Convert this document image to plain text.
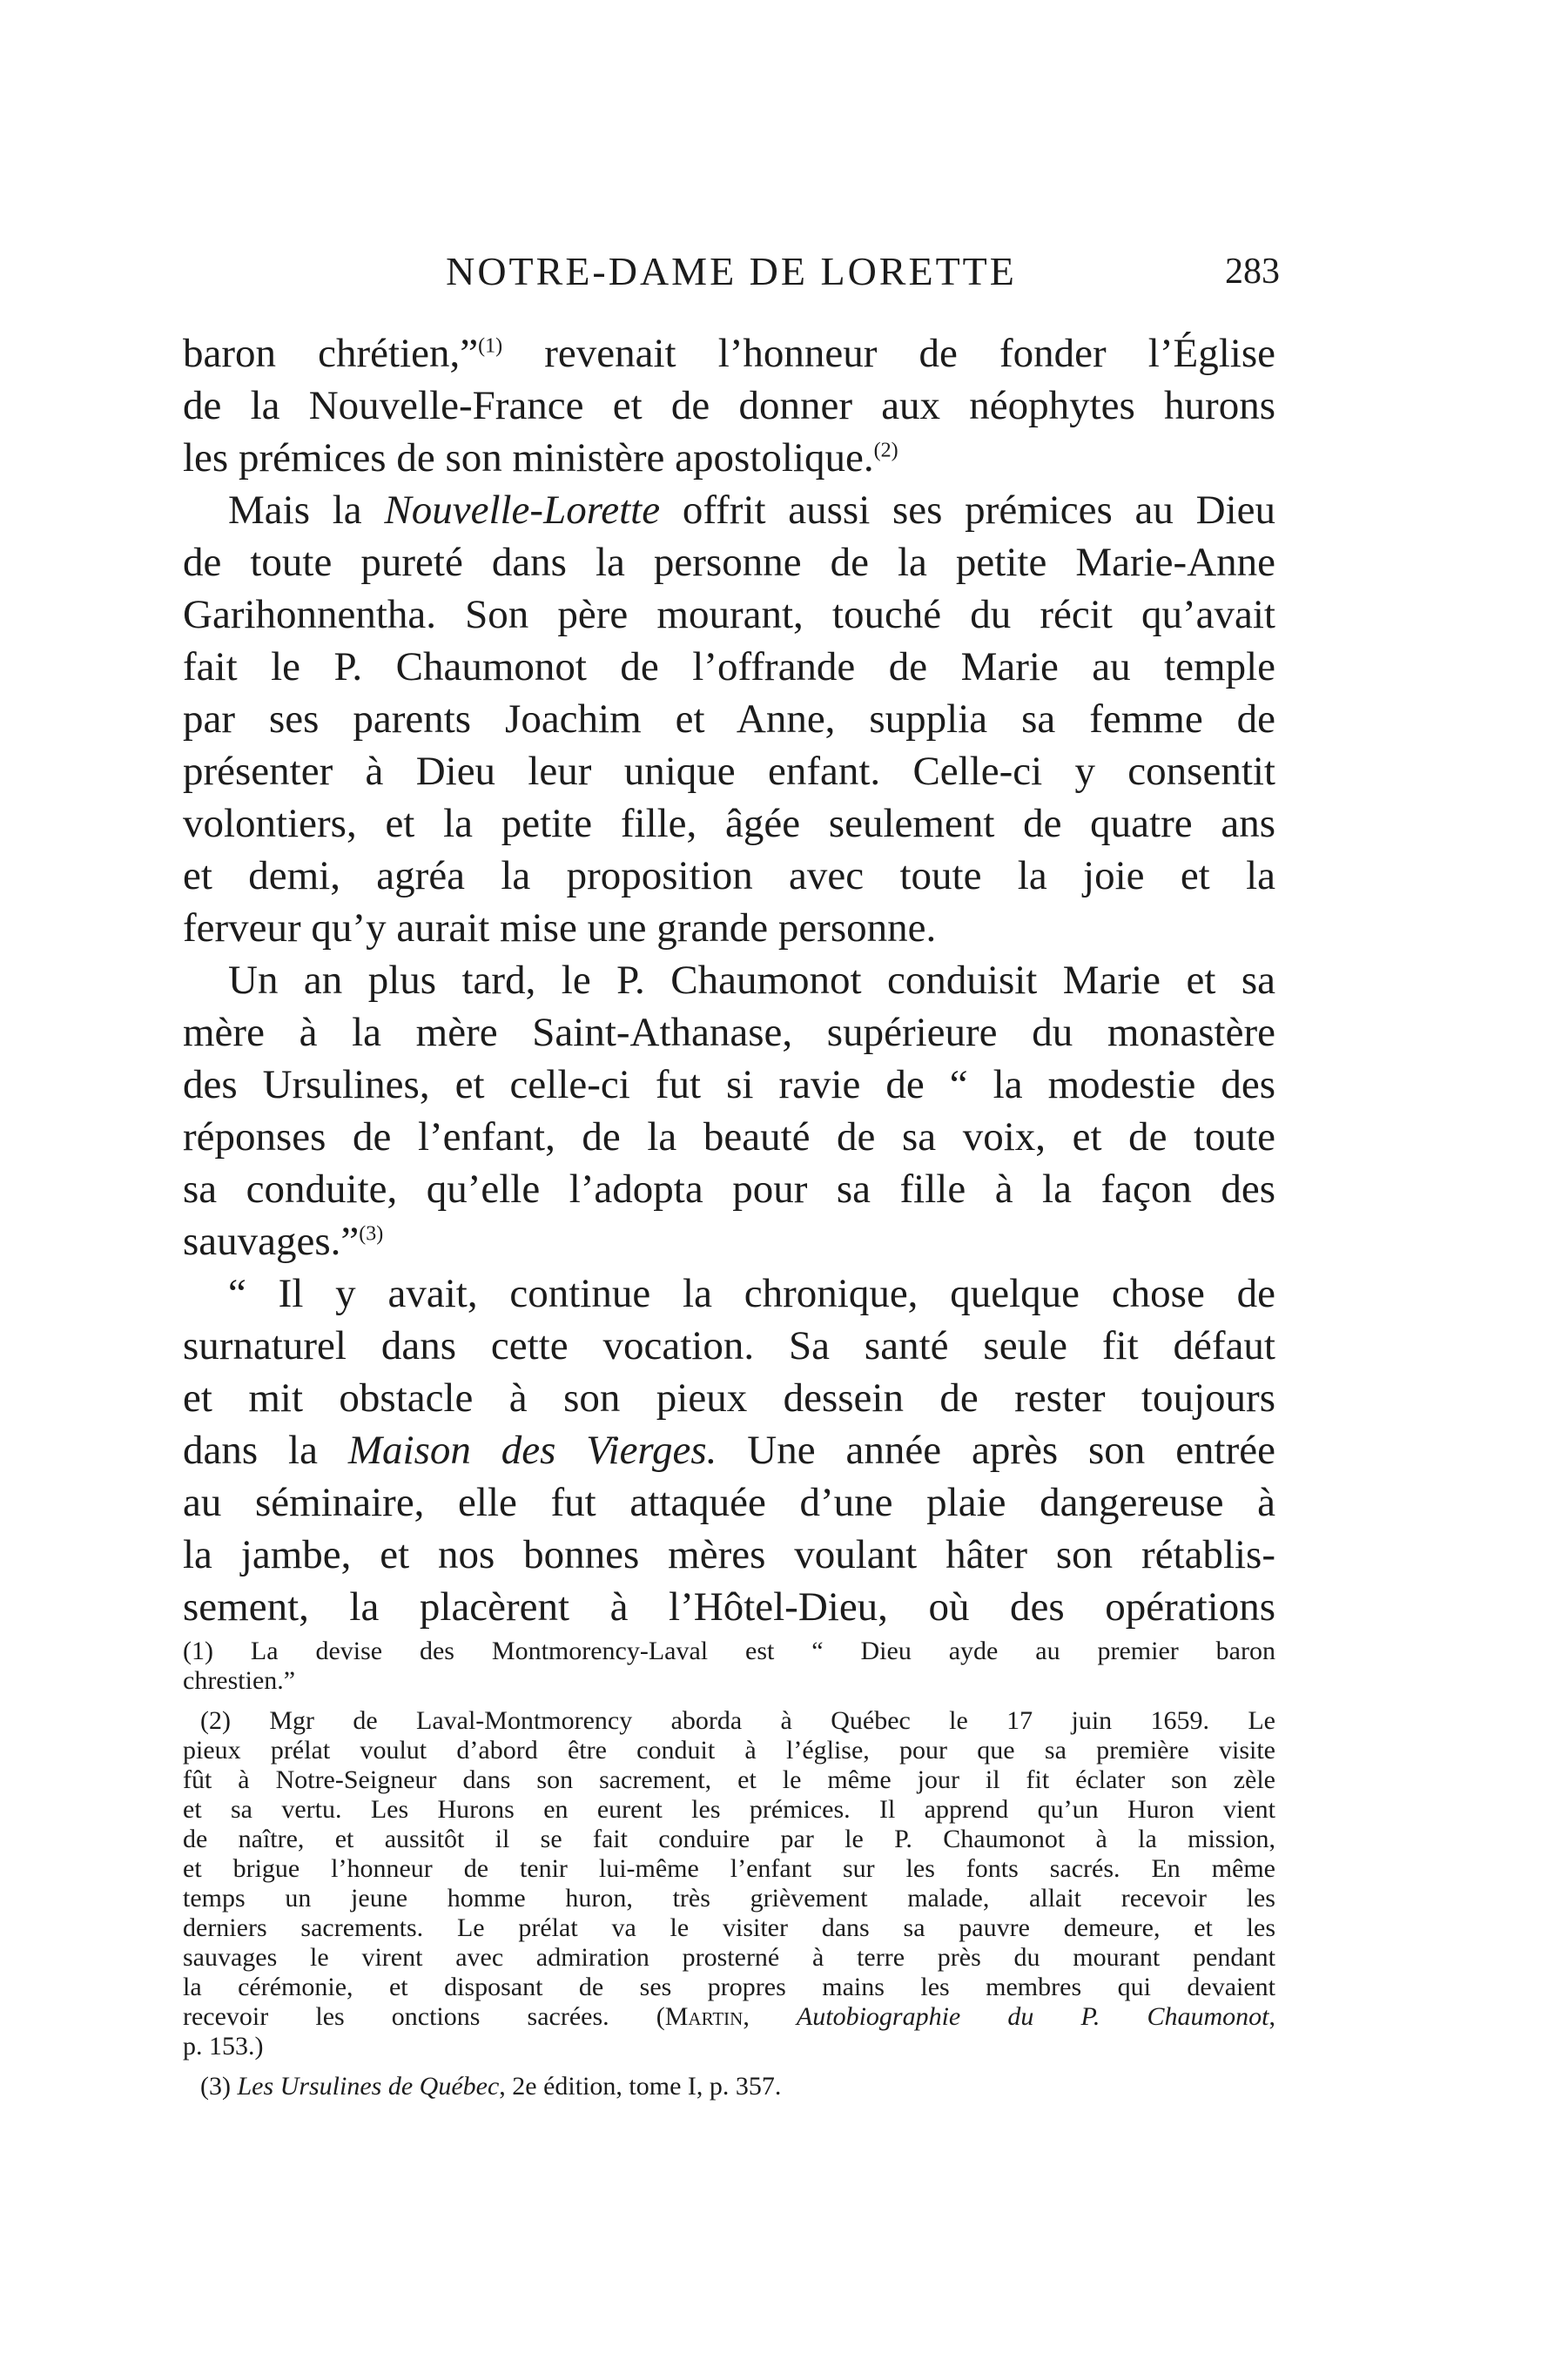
NOTRE-DAME DE LORETTE	283
baron chrétien,”$^{(1)}$ revenait l’honneur de fonder l’Église
de la Nouvelle-France et de donner aux néophytes hurons
les prémices de son ministère apostolique.$^{(2)}$
Mais la Nouvelle-Lorette offrit aussi ses prémices au Dieu
de toute pureté dans la personne de la petite Marie-Anne
Garihonnentha. Son père mourant, touché du récit qu’avait
fait le P. Chaumonot de l’offrande de Marie au temple
par ses parents Joachim et Anne, supplia sa femme de
présenter à Dieu leur unique enfant. Celle-ci y consentit
volontiers, et la petite fille, âgée seulement de quatre ans
et demi, agréa la proposition avec toute la joie et la
ferveur qu’y aurait mise une grande personne.
Un an plus tard, le P. Chaumonot conduisit Marie et sa
mère à la mère Saint-Athanase, supérieure du monastère
des Ursulines, et celle-ci fut si ravie de “ la modestie des
réponses de l’enfant, de la beauté de sa voix, et de toute
sa conduite, qu’elle l’adopta pour sa fille à la façon des
sauvages.”$^{(3)}$
“ Il y avait, continue la chronique, quelque chose de
surnaturel dans cette vocation. Sa santé seule fit défaut
et mit obstacle à son pieux dessein de rester toujours
dans la Maison des Vierges. Une année après son entrée
au séminaire, elle fut attaquée d’une plaie dangereuse à
la jambe, et nos bonnes mères voulant hâter son rétablis-
sement, la placèrent à l’Hôtel-Dieu, où des opérations
(1) La devise des Montmorency-Laval est “ Dieu ayde au premier baron
chrestien.”
(2) Mgr de Laval-Montmorency aborda à Québec le 17 juin 1659. Le
pieux prélat voulut d’abord être conduit à l’église, pour que sa première visite
fût à Notre-Seigneur dans son sacrement, et le même jour il fit éclater son zèle
et sa vertu. Les Hurons en eurent les prémices. Il apprend qu’un Huron vient
de naître, et aussitôt il se fait conduire par le P. Chaumonot à la mission,
et brigue l’honneur de tenir lui-même l’enfant sur les fonts sacrés. En même
temps un jeune homme huron, très grièvement malade, allait recevoir les
derniers sacrements. Le prélat va le visiter dans sa pauvre demeure, et les
sauvages le virent avec admiration prosterné à terre près du mourant pendant
la cérémonie, et disposant de ses propres mains les membres qui devaient
recevoir les onctions sacrées. (Martin, Autobiographie du P. Chaumonot,
p. 153.)
(3) Les Ursulines de Québec, 2e édition, tome I, p. 357.
